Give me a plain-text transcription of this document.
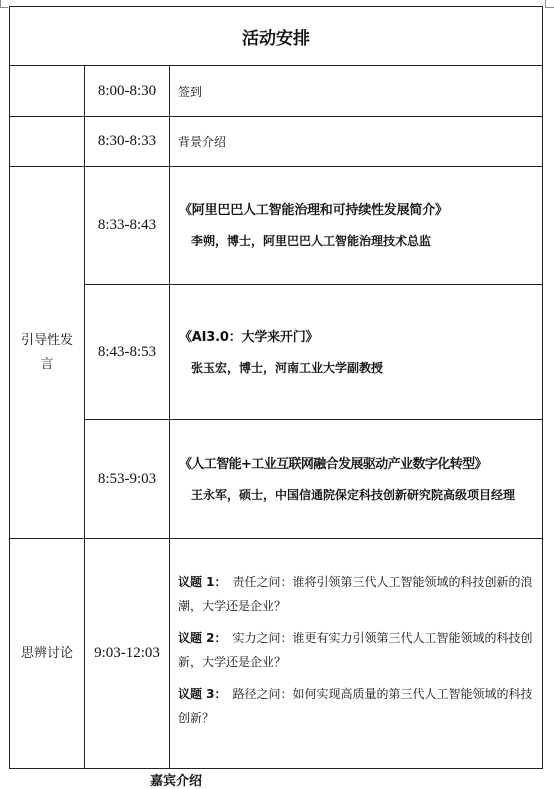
活动安排		
	8:00-8:30	签到
	8:30-8:33	背景介绍
引导性发言	8:33-8:43	《阿里巴巴人工智能治理和可持续性发展简介》
李朔，博士，阿里巴巴人工智能治理技术总监

	8:43-8:53	《AI3.0：大学来开门》
张玉宏，博士，河南工业大学副教授

	8:53-9:03	《人工智能+工业互联网融合发展驱动产业数字化转型》
王永军，硕士，中国信通院保定科技创新研究院高级项目经理

思辨讨论	9:03-12:03	议题 1： 责任之问：谁将引领第三代人工智能领域的科技创新的浪潮，大学还是企业？
议题 2： 实力之问：谁更有实力引领第三代人工智能领域的科技创新，大学还是企业？
议题 3： 路径之问：如何实现高质量的第三代人工智能领域的科技创新？
嘉宾介绍
